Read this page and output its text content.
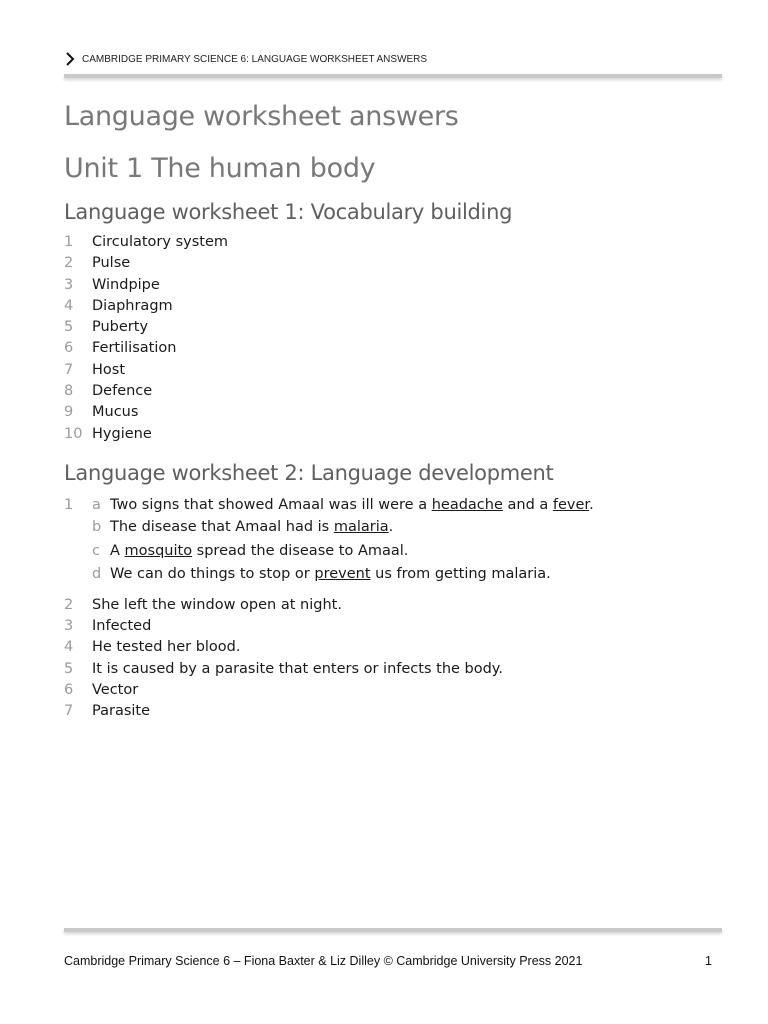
CAMBRIDGE PRIMARY SCIENCE 6: LANGUAGE WORKSHEET ANSWERS
Language worksheet answers
Unit 1 The human body
Language worksheet 1: Vocabulary building
1	Circulatory system
2	Pulse
3	Windpipe
4	Diaphragm
5	Puberty
6	Fertilisation
7	Host
8	Defence
9	Mucus
10 Hygiene
Language worksheet 2: Language development
1	a Two signs that showed Amaal was ill were a headache and a fever.
b The disease that Amaal had is malaria.
c A mosquito spread the disease to Amaal.
d We can do things to stop or prevent us from getting malaria.
2	She left the window open at night.
3	Infected
4	He tested her blood.
5	It is caused by a parasite that enters or infects the body.
6	Vector
7	Parasite
Cambridge Primary Science 6 – Fiona Baxter & Liz Dilley © Cambridge University Press 2021	1
